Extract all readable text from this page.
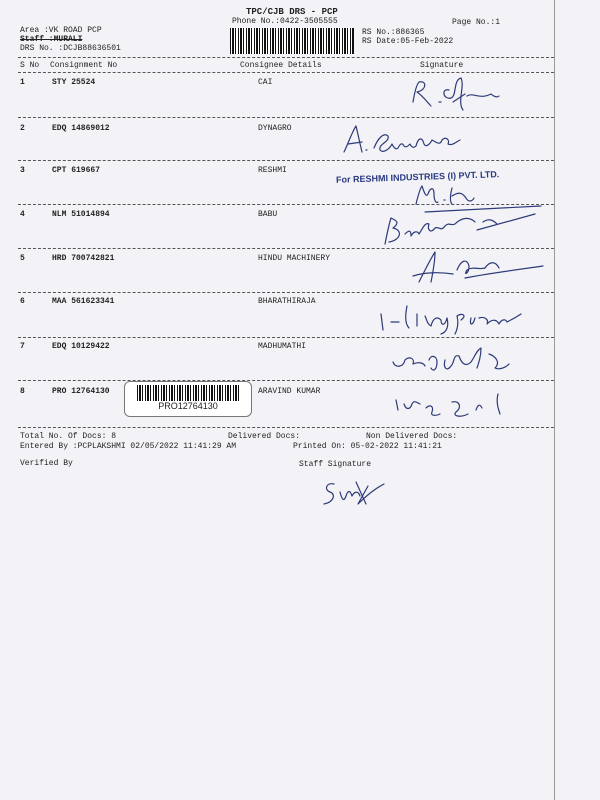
TPC/CJB DRS - PCP
Phone No.:0422-3505555	Page No.:1
Area :VK ROAD PCP
Staff :MURALI
DRS No. :DCJB88636501
RS No.:886365
RS Date:05-Feb-2022
S No Consignment No	Consignee Details	Signature
1	STY 25524	CAI
2	EDQ 14869012	DYNAGRO
3	CPT 619667	RESHMI
4	NLM 51014894	BABU
5	HRD 700742821	HINDU MACHINERY
6	MAA 561623341	BHARATHIRAJA
7	EDQ 10129422	MADHUMATHI
8	PRO 12764130	ARAVIND KUMAR
PRO12764130
For RESHMI INDUSTRIES (I) PVT. LTD.
Total No. Of Docs: 8	Delivered Docs:	Non Delivered Docs:
Entered By :PCPLAKSHMI 02/05/2022 11:41:29 AM	Printed On: 05-02-2022 11:41:21
Verified By	Staff Signature
